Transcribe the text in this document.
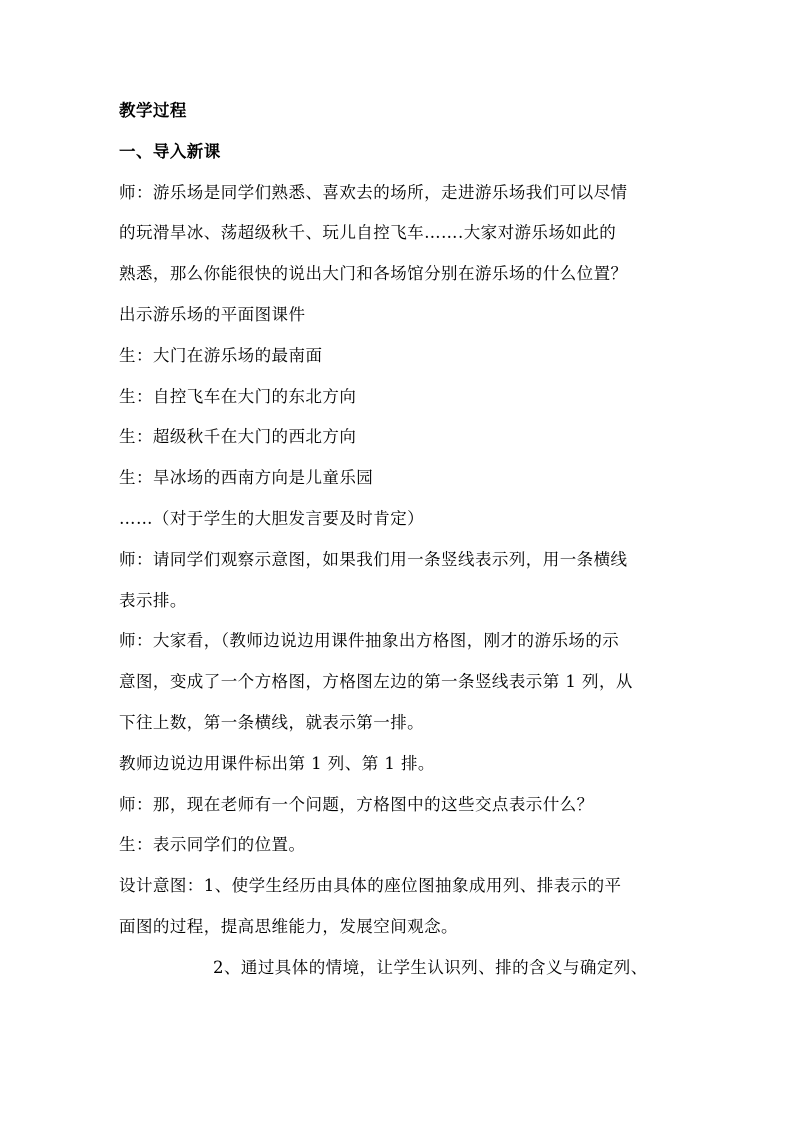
教学过程
一、导入新课
师：游乐场是同学们熟悉、喜欢去的场所，走进游乐场我们可以尽情
的玩滑旱冰、荡超级秋千、玩儿自控飞车…….大家对游乐场如此的
熟悉，那么你能很快的说出大门和各场馆分别在游乐场的什么位置？
出示游乐场的平面图课件
生：大门在游乐场的最南面
生：自控飞车在大门的东北方向
生：超级秋千在大门的西北方向
生：旱冰场的西南方向是儿童乐园
……（对于学生的大胆发言要及时肯定）
师：请同学们观察示意图，如果我们用一条竖线表示列，用一条横线
表示排。
师：大家看，（教师边说边用课件抽象出方格图，刚才的游乐场的示
意图，变成了一个方格图，方格图左边的第一条竖线表示第 1 列，从
下往上数，第一条横线，就表示第一排。
教师边说边用课件标出第 1 列、第 1 排。
师：那，现在老师有一个问题，方格图中的这些交点表示什么？
生：表示同学们的位置。
设计意图：1、使学生经历由具体的座位图抽象成用列、排表示的平
面图的过程，提高思维能力，发展空间观念。
2、通过具体的情境，让学生认识列、排的含义与确定列、
